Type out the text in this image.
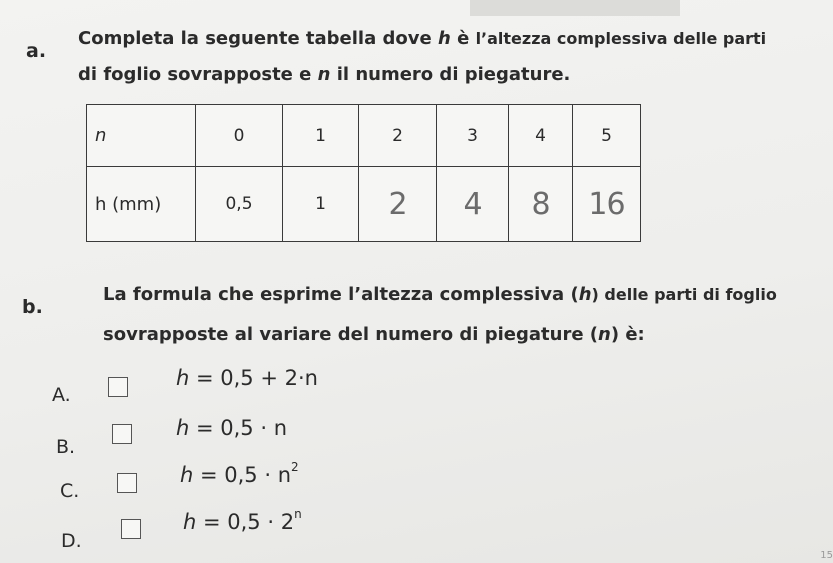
a.
Completa la seguente tabella dove h è l’altezza complessiva delle parti
di foglio sovrapposte e n il numero di piegature.
n	0	1	2	3	4	5
h (mm)	0,5	1	2	4	8	16
b.
La formula che esprime l’altezza complessiva (h) delle parti di foglio
sovrapposte al variare del numero di piegature (n) è:
A.
h = 0,5 + 2·n
B.
h = 0,5 · n
C.
$h = 0,5 \cdot n^2$
D.
$h = 0,5 \cdot 2^n$
15
